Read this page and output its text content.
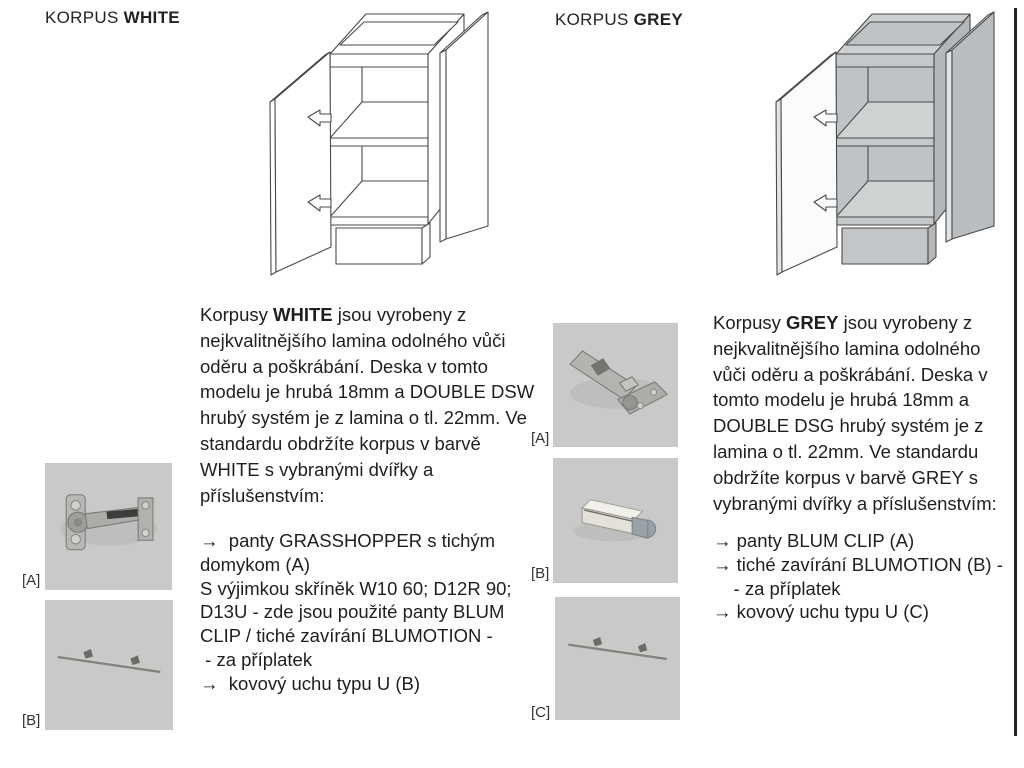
KORPUS WHITE
Korpusy WHITE jsou vyrobeny z
nejkvalitnějšího lamina odolného vůči
oděru a poškrábání. Deska v tomto
modelu je hrubá 18mm a DOUBLE DSW
hrubý systém je z lamina o tl. 22mm. Ve
standardu obdržíte korpus v barvě
WHITE s vybranými dvířky a
příslušenstvím:
→  panty GRASSHOPPER s tichým
domykom (A)
S výjimkou skříněk W10 60; D12R 90;
D13U - zde jsou použité panty BLUM
CLIP / tiché zavírání BLUMOTION -
- za příplatek
→  kovový uchu typu U (B)
[A]
[B]
KORPUS GREY
Korpusy GREY jsou vyrobeny z
nejkvalitnějšího lamina odolného
vůči oděru a poškrábání. Deska v
tomto modelu je hrubá 18mm a
DOUBLE DSG hrubý systém je z
lamina o tl. 22mm. Ve standardu
obdržíte korpus v barvě GREY s
vybranými dvířky a příslušenstvím:
→ panty BLUM CLIP (A)
→ tiché zavírání BLUMOTION (B) -
- za příplatek
→ kovový uchu typu U (C)
[A]
[B]
[C]
